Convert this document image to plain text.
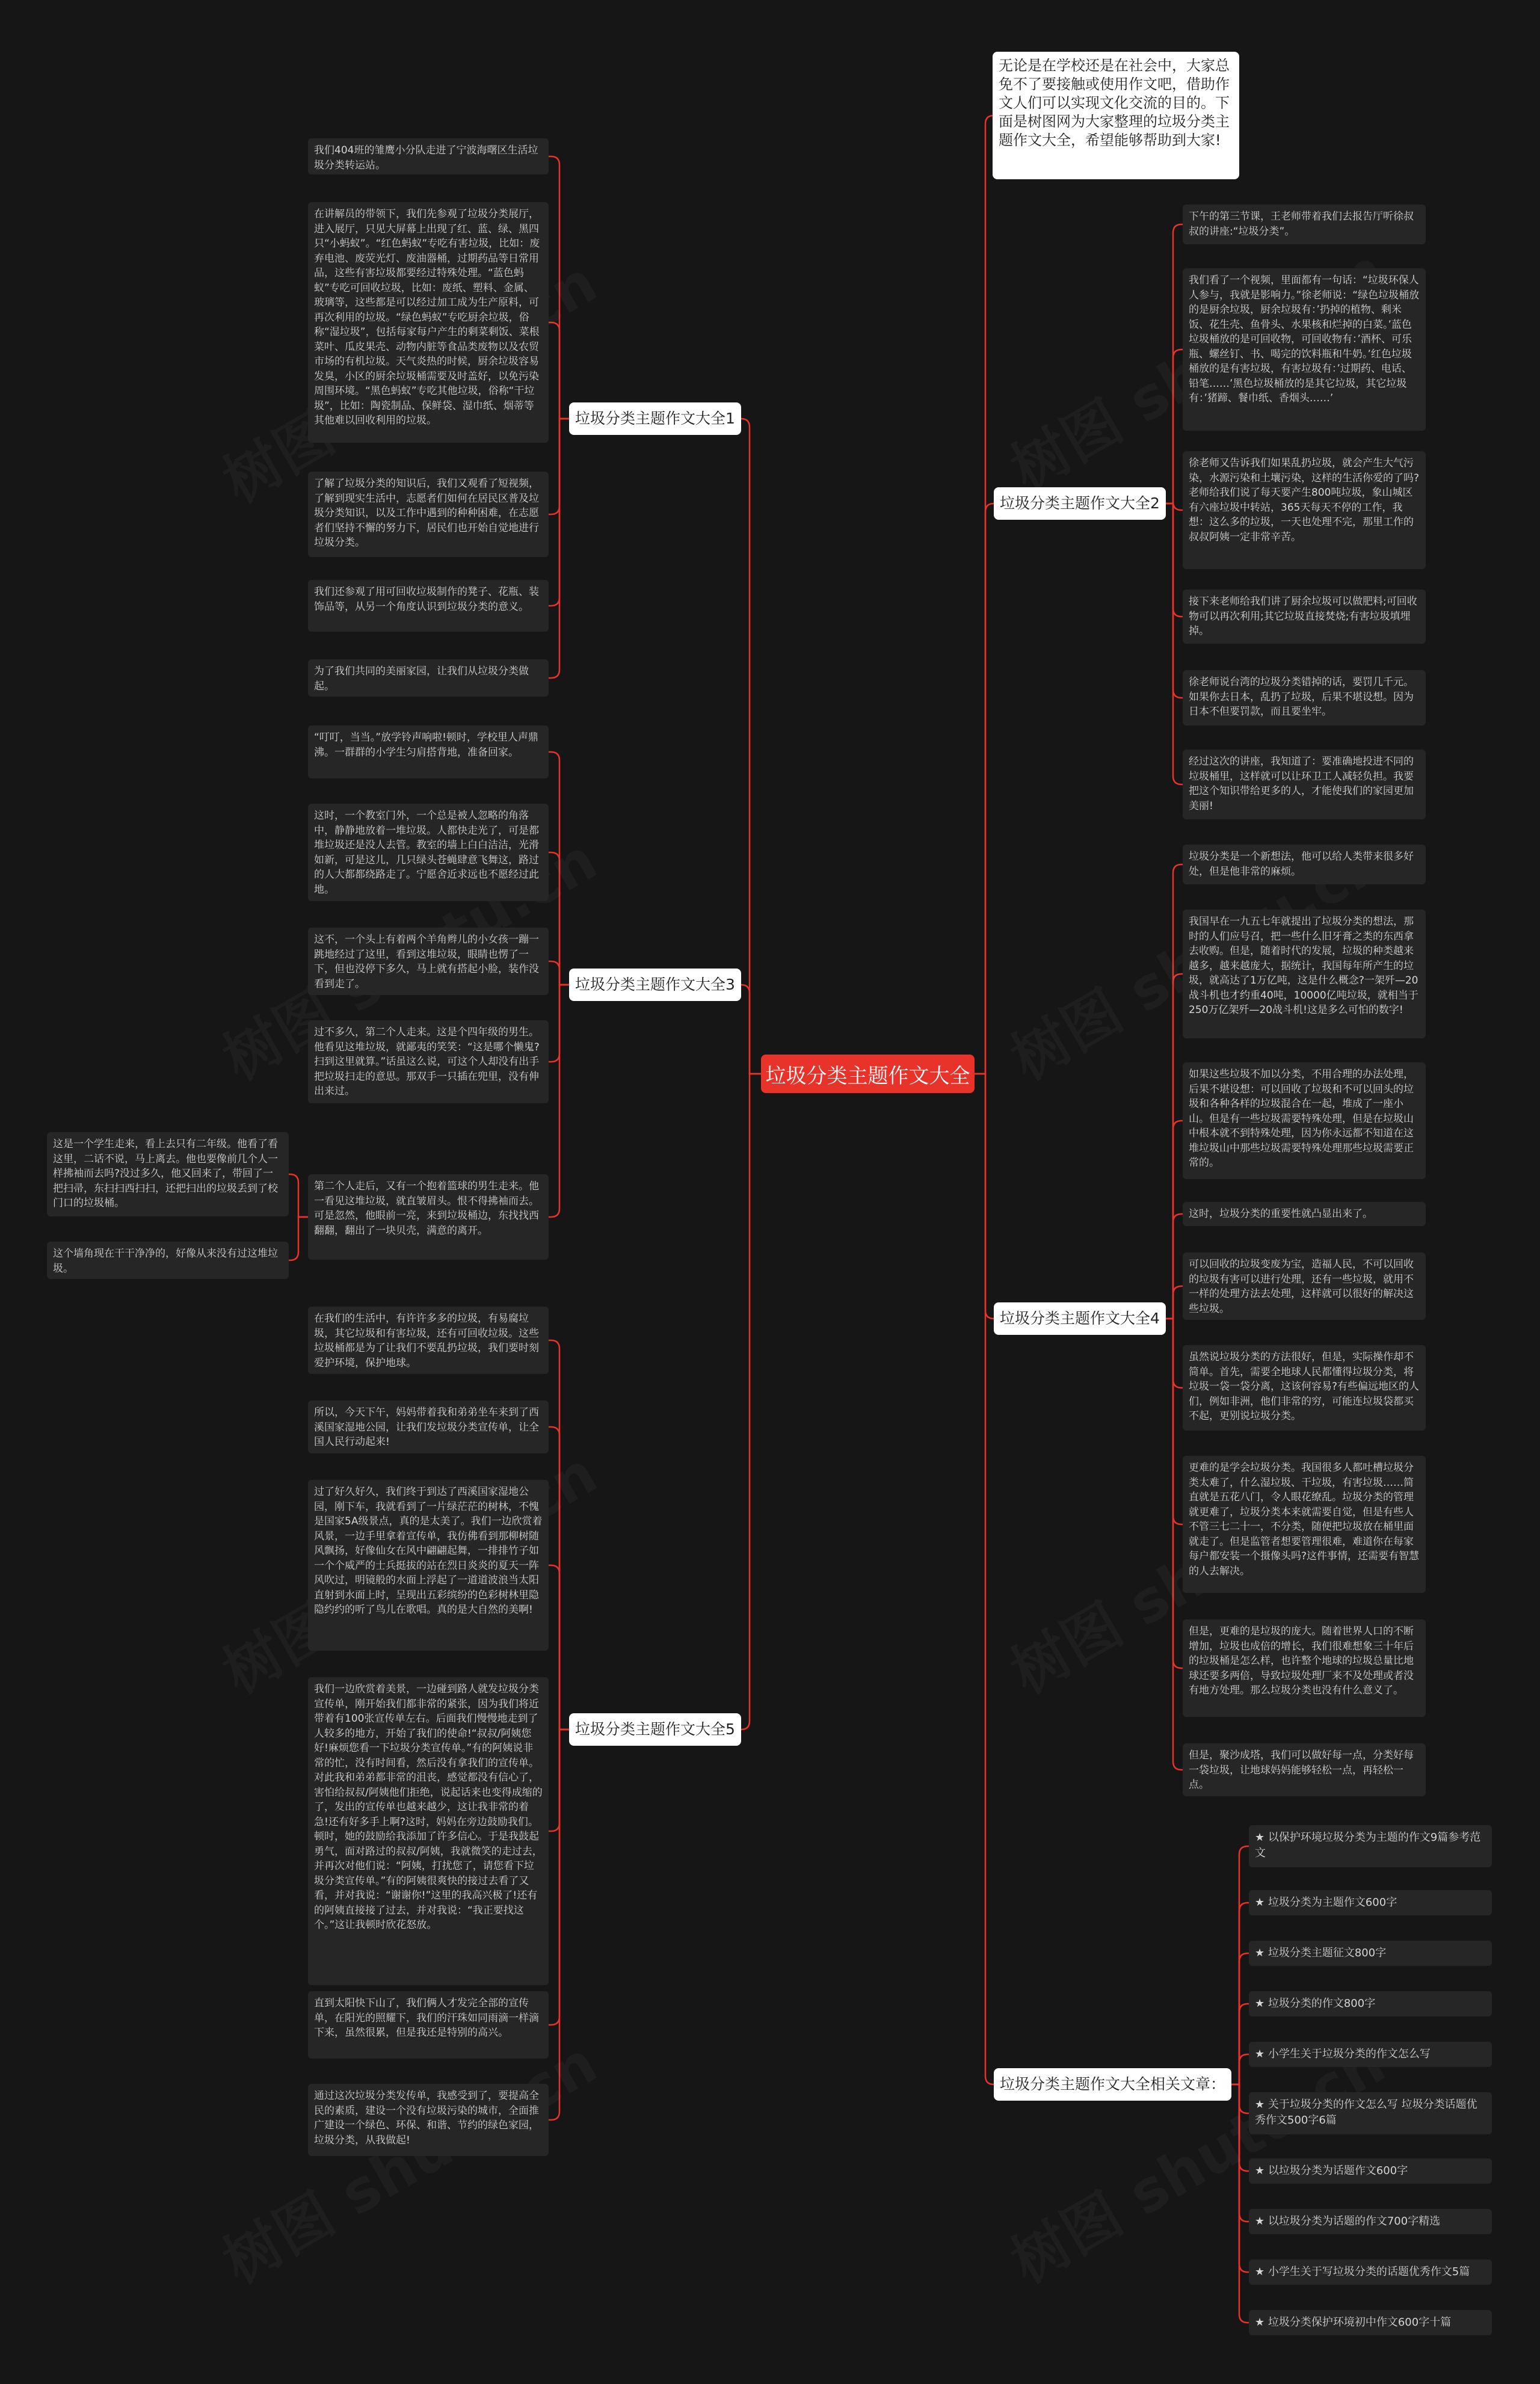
垃圾分类主题作文大全
无论是在学校还是在社会中，大家总免不了要接触或使用作文吧，借助作文人们可以实现文化交流的目的。下面是树图网为大家整理的垃圾分类主题作文大全，希望能够帮助到大家!
垃圾分类主题作文大全1
我们404班的雏鹰小分队走进了宁波海曙区生活垃圾分类转运站。
在讲解员的带领下，我们先参观了垃圾分类展厅，进入展厅，只见大屏幕上出现了红、蓝、绿、黑四只“小蚂蚁”。“红色蚂蚁”专吃有害垃圾，比如：废弃电池、废荧光灯、废油器桶，过期药品等日常用品，这些有害垃圾都要经过特殊处理。“蓝色蚂蚁”专吃可回收垃圾，比如：废纸、塑料、金属、玻璃等，这些都是可以经过加工成为生产原料，可再次利用的垃圾。“绿色蚂蚁”专吃厨余垃圾，俗称“湿垃圾”，包括每家每户产生的剩菜剩饭、菜根菜叶、瓜皮果壳、动物内脏等食品类废物以及农贸市场的有机垃圾。天气炎热的时候，厨余垃圾容易发臭，小区的厨余垃圾桶需要及时盖好，以免污染周围环境。“黑色蚂蚁”专吃其他垃圾，俗称“干垃圾”，比如：陶瓷制品、保鲜袋、湿巾纸、烟蒂等其他难以回收利用的垃圾。
了解了垃圾分类的知识后，我们又观看了短视频，了解到现实生活中，志愿者们如何在居民区普及垃圾分类知识，以及工作中遇到的种种困难，在志愿者们坚持不懈的努力下，居民们也开始自觉地进行垃圾分类。
我们还参观了用可回收垃圾制作的凳子、花瓶、装饰品等，从另一个角度认识到垃圾分类的意义。
为了我们共同的美丽家园，让我们从垃圾分类做起。
垃圾分类主题作文大全3
“叮叮，当当。”放学铃声响啦!顿时，学校里人声鼎沸。一群群的小学生匀肩搭背地，准备回家。
这时，一个教室门外，一个总是被人忽略的角落中，静静地放着一堆垃圾。人都快走光了，可是都堆垃圾还是没人去管。教室的墙上白白洁洁，光滑如新，可是这儿，几只绿头苍蝇肆意飞舞这，路过的人大都都绕路走了。宁愿舍近求远也不愿经过此地。
这不，一个头上有着两个羊角辫儿的小女孩一蹦一跳地经过了这里，看到这堆垃圾，眼睛也愣了一下，但也没停下多久，马上就有搭起小脸，装作没看到走了。
过不多久，第二个人走来。这是个四年级的男生。他看见这堆垃圾，就鄙夷的笑笑：“这是哪个懒鬼?扫到这里就算。”话虽这么说，可这个人却没有出手把垃圾扫走的意思。那双手一只插在兜里，没有伸出来过。
第二个人走后，又有一个抱着篮球的男生走来。他一看见这堆垃圾，就直皱眉头。恨不得拂袖而去。可是忽然，他眼前一亮，来到垃圾桶边，东找找西翻翻，翻出了一块贝壳，满意的离开。
这是一个学生走来，看上去只有二年级。他看了看这里，二话不说，马上离去。他也要像前几个人一样拂袖而去吗?没过多久，他又回来了，带回了一把扫帚，东扫扫西扫扫，还把扫出的垃圾丢到了校门口的垃圾桶。
这个墙角现在干干净净的，好像从来没有过这堆垃圾。
垃圾分类主题作文大全5
在我们的生活中，有许许多多的垃圾，有易腐垃圾，其它垃圾和有害垃圾，还有可回收垃圾。这些垃圾桶都是为了让我们不要乱扔垃圾，我们要时刻爱护环境，保护地球。
所以，今天下午，妈妈带着我和弟弟坐车来到了西溪国家湿地公园，让我们发垃圾分类宣传单，让全国人民行动起来!
过了好久好久，我们终于到达了西溪国家湿地公园，刚下车，我就看到了一片绿茫茫的树林，不愧是国家5A级景点，真的是太美了。我们一边欣赏着风景，一边手里拿着宣传单，我仿佛看到那柳树随风飘扬，好像仙女在风中翩翩起舞，一排排竹子如一个个威严的士兵挺拔的站在烈日炎炎的夏天一阵风吹过，明镜般的水面上浮起了一道道波浪当太阳直射到水面上时，呈现出五彩缤纷的色彩树林里隐隐约约的听了鸟儿在歌唱。真的是大自然的美啊!
我们一边欣赏着美景，一边碰到路人就发垃圾分类宣传单，刚开始我们都非常的紧张，因为我们将近带着有100张宣传单左右。后面我们慢慢地走到了人较多的地方，开始了我们的使命!“叔叔/阿姨您好!麻烦您看一下垃圾分类宣传单。”有的阿姨说非常的忙，没有时间看，然后没有拿我们的宣传单。对此我和弟弟都非常的沮丧，感觉都没有信心了，害怕给叔叔/阿姨他们拒绝，说起话来也变得成缩的了，发出的宣传单也越来越少，这让我非常的着急!还有好多手上啊?这时，妈妈在旁边鼓励我们。顿时，她的鼓励给我添加了许多信心。于是我鼓起勇气，面对路过的叔叔/阿姨，我就微笑的走过去，并再次对他们说：“阿姨，打扰您了，请您看下垃圾分类宣传单。”有的阿姨很爽快的接过去看了又看，并对我说：“谢谢你!”这里的我高兴极了!还有的阿姨直接接了过去，并对我说：“我正要找这个。”这让我顿时欣花怒放。
直到太阳快下山了，我们俩人才发完全部的宣传单，在阳光的照耀下，我们的汗珠如同雨滴一样滴下来，虽然很累，但是我还是特别的高兴。
通过这次垃圾分类发传单，我感受到了，要提高全民的素质，建设一个没有垃圾污染的城市，全面推广建设一个绿色、环保、和谐、节约的绿色家园，垃圾分类，从我做起!
垃圾分类主题作文大全2
下午的第三节课，王老师带着我们去报告厅听徐叔叔的讲座:“垃圾分类”。
我们看了一个视频，里面都有一句话：“垃圾环保人人参与，我就是影响力。”徐老师说：“绿色垃圾桶放的是厨余垃圾，厨余垃圾有：’扔掉的植物、剩米饭、花生壳、鱼骨头、水果核和烂掉的白菜。’蓝色垃圾桶放的是可回收物，可回收物有：’酒杯、可乐瓶、螺丝钉、书、喝完的饮料瓶和牛奶。’红色垃圾桶放的是有害垃圾，有害垃圾有：’过期药、电话、铅笔……’黑色垃圾桶放的是其它垃圾，其它垃圾有：’猪蹄、餐巾纸、香烟头……’
徐老师又告诉我们如果乱扔垃圾，就会产生大气污染，水源污染和土壤污染，这样的生活你爱的了吗?老师给我们说了每天要产生800吨垃圾，象山城区有六座垃圾中转站，365天每天不停的工作，我想：这么多的垃圾，一天也处理不完，那里工作的叔叔阿姨一定非常辛苦。
接下来老师给我们讲了厨余垃圾可以做肥料;可回收物可以再次利用;其它垃圾直接焚烧;有害垃圾填埋掉。
徐老师说台湾的垃圾分类错掉的话，要罚几千元。如果你去日本，乱扔了垃圾，后果不堪设想。因为日本不但要罚款，而且要坐牢。
经过这次的讲座，我知道了：要准确地投进不同的垃圾桶里，这样就可以让环卫工人减轻负担。我要把这个知识带给更多的人，才能使我们的家园更加美丽!
垃圾分类主题作文大全4
垃圾分类是一个新想法，他可以给人类带来很多好处，但是他非常的麻烦。
我国早在一九五七年就提出了垃圾分类的想法，那时的人们应号召，把一些什么旧牙膏之类的东西拿去收购。但是，随着时代的发展，垃圾的种类越来越多，越来越庞大，据统计，我国每年所产生的垃圾，就高达了1万亿吨，这是什么概念?一架歼—20战斗机也才约重40吨，10000亿吨垃圾，就相当于250万亿架歼—20战斗机!这是多么可怕的数字!
如果这些垃圾不加以分类，不用合理的办法处理，后果不堪设想：可以回收了垃圾和不可以回头的垃圾和各种各样的垃圾混合在一起，堆成了一座小山。但是有一些垃圾需要特殊处理，但是在垃圾山中根本就不到特殊处理，因为你永远都不知道在这堆垃圾山中那些垃圾需要特殊处理那些垃圾需要正常的。
这时，垃圾分类的重要性就凸显出来了。
可以回收的垃圾变废为宝，造福人民，不可以回收的垃圾有害可以进行处理，还有一些垃圾，就用不一样的处理方法去处理，这样就可以很好的解决这些垃圾。
虽然说垃圾分类的方法很好，但是，实际操作却不简单。首先，需要全地球人民都懂得垃圾分类，将垃圾一袋一袋分离，这该何容易?有些偏远地区的人们，例如非洲，他们非常的穷，可能连垃圾袋都买不起，更别说垃圾分类。
更难的是学会垃圾分类。我国很多人都吐槽垃圾分类太难了，什么湿垃圾、干垃圾，有害垃圾……简直就是五花八门，令人眼花缭乱。垃圾分类的管理就更难了，垃圾分类本来就需要自觉，但是有些人不管三七二十一，不分类，随便把垃圾放在桶里面就走了。但是监管者想要管理很难，难道你在每家每户都安装一个摄像头吗?这件事情，还需要有智慧的人去解决。
但是，更难的是垃圾的庞大。随着世界人口的不断增加，垃圾也成倍的增长，我们很难想象三十年后的垃圾桶是怎么样，也许整个地球的垃圾总量比地球还要多两倍，导致垃圾处理厂来不及处理或者没有地方处理。那么垃圾分类也没有什么意义了。
但是，聚沙成塔，我们可以做好每一点，分类好每一袋垃圾，让地球妈妈能够轻松一点，再轻松一点。
垃圾分类主题作文大全相关文章：
★ 以保护环境垃圾分类为主题的作文9篇参考范文
★ 垃圾分类为主题作文600字
★ 垃圾分类主题征文800字
★ 垃圾分类的作文800字
★ 小学生关于垃圾分类的作文怎么写
★ 关于垃圾分类的作文怎么写 垃圾分类话题优秀作文500字6篇
★ 以垃圾分类为话题作文600字
★ 以垃圾分类为话题的作文700字精选
★ 小学生关于写垃圾分类的话题优秀作文5篇
★ 垃圾分类保护环境初中作文600字十篇
